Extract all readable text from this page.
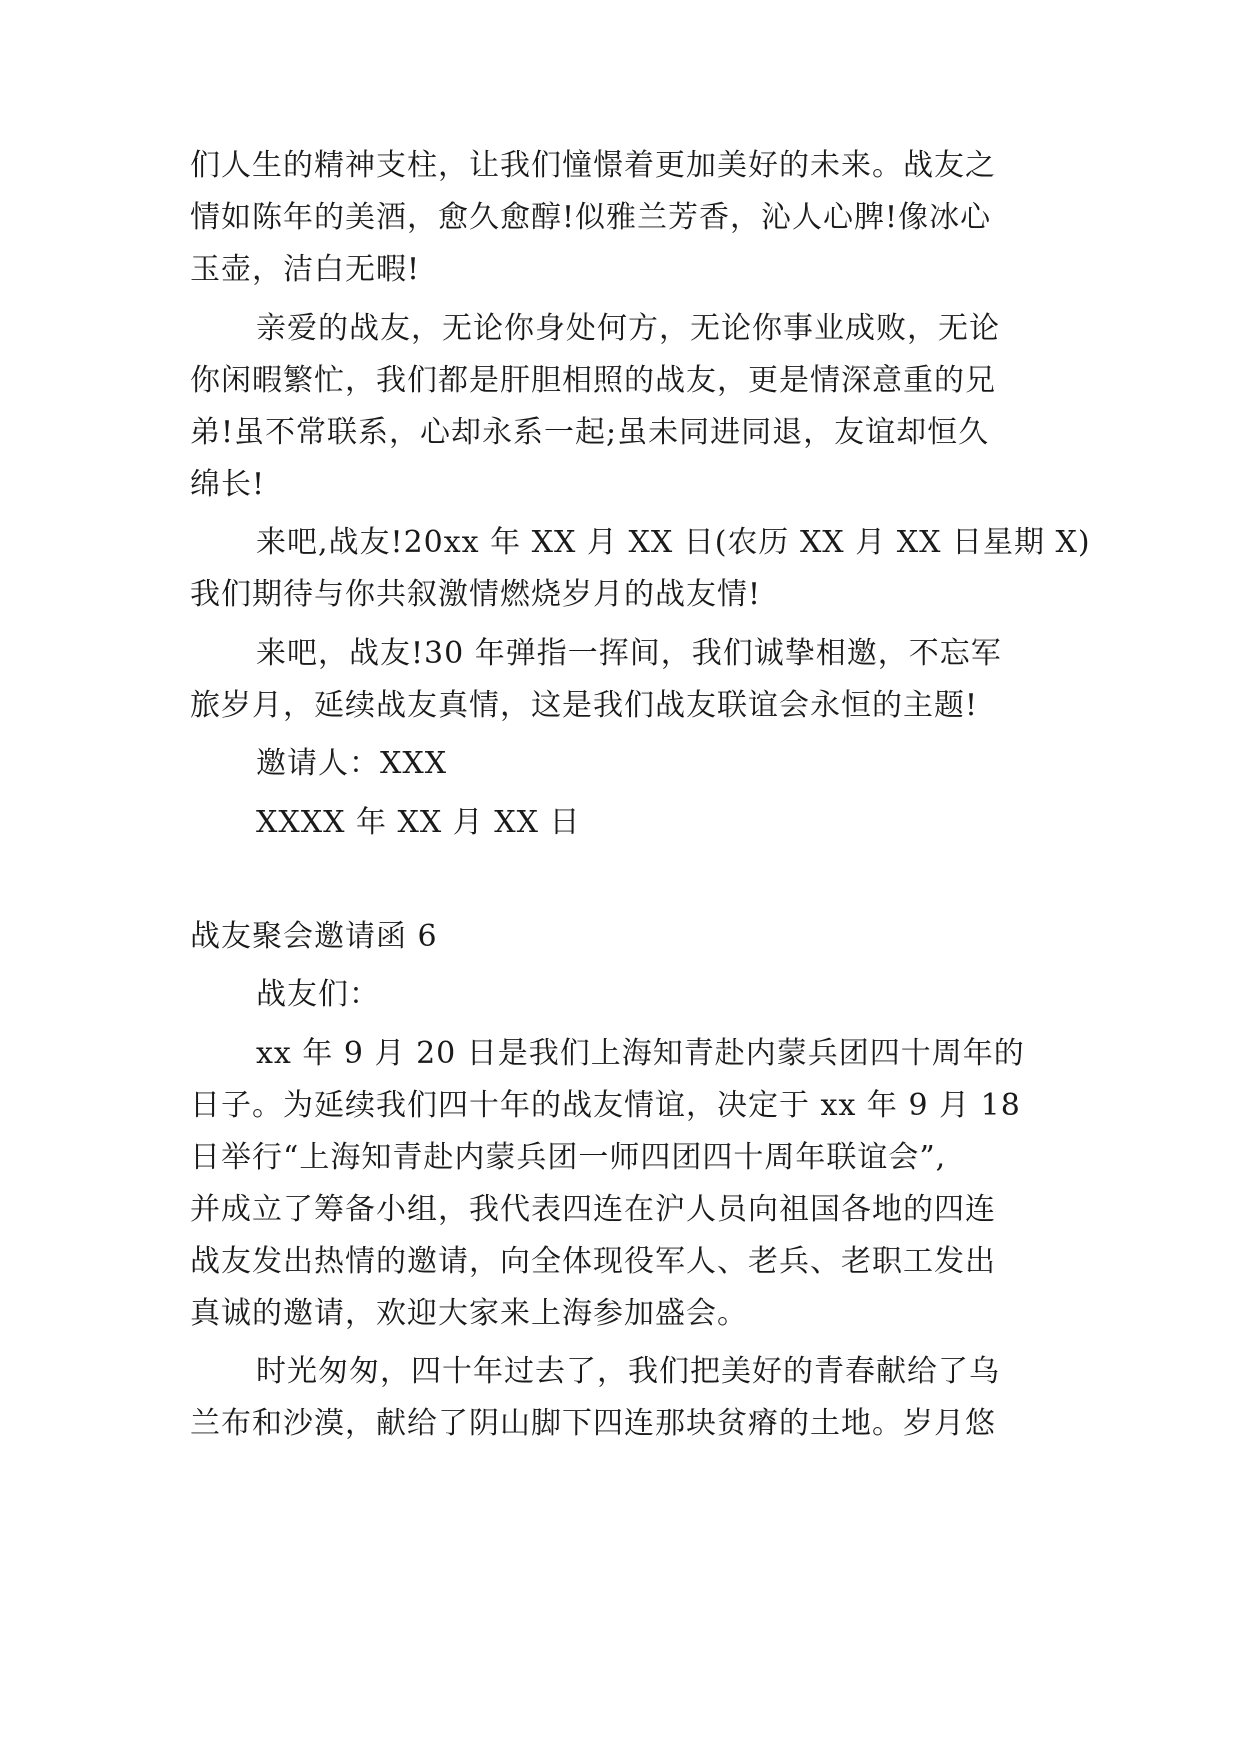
们人生的精神支柱，让我们憧憬着更加美好的未来。战友之
情如陈年的美酒，愈久愈醇!似雅兰芳香，沁人心脾!像冰心
玉壶，洁白无暇!
亲爱的战友，无论你身处何方，无论你事业成败，无论
你闲暇繁忙，我们都是肝胆相照的战友，更是情深意重的兄
弟!虽不常联系，心却永系一起;虽未同进同退，友谊却恒久
绵长!
来吧,战友!20xx 年 XX 月 XX 日(农历 XX 月 XX 日星期 X)
我们期待与你共叙激情燃烧岁月的战友情!
来吧，战友!30 年弹指一挥间，我们诚挚相邀，不忘军
旅岁月，延续战友真情，这是我们战友联谊会永恒的主题!
邀请人：XXX
XXXX 年 XX 月 XX 日
战友聚会邀请函 6
战友们：
xx 年 9 月 20 日是我们上海知青赴内蒙兵团四十周年的
日子。为延续我们四十年的战友情谊，决定于 xx 年 9 月 18
日举行“上海知青赴内蒙兵团一师四团四十周年联谊会”,
并成立了筹备小组，我代表四连在沪人员向祖国各地的四连
战友发出热情的邀请，向全体现役军人、老兵、老职工发出
真诚的邀请，欢迎大家来上海参加盛会。
时光匆匆，四十年过去了，我们把美好的青春献给了乌
兰布和沙漠，献给了阴山脚下四连那块贫瘠的土地。岁月悠
